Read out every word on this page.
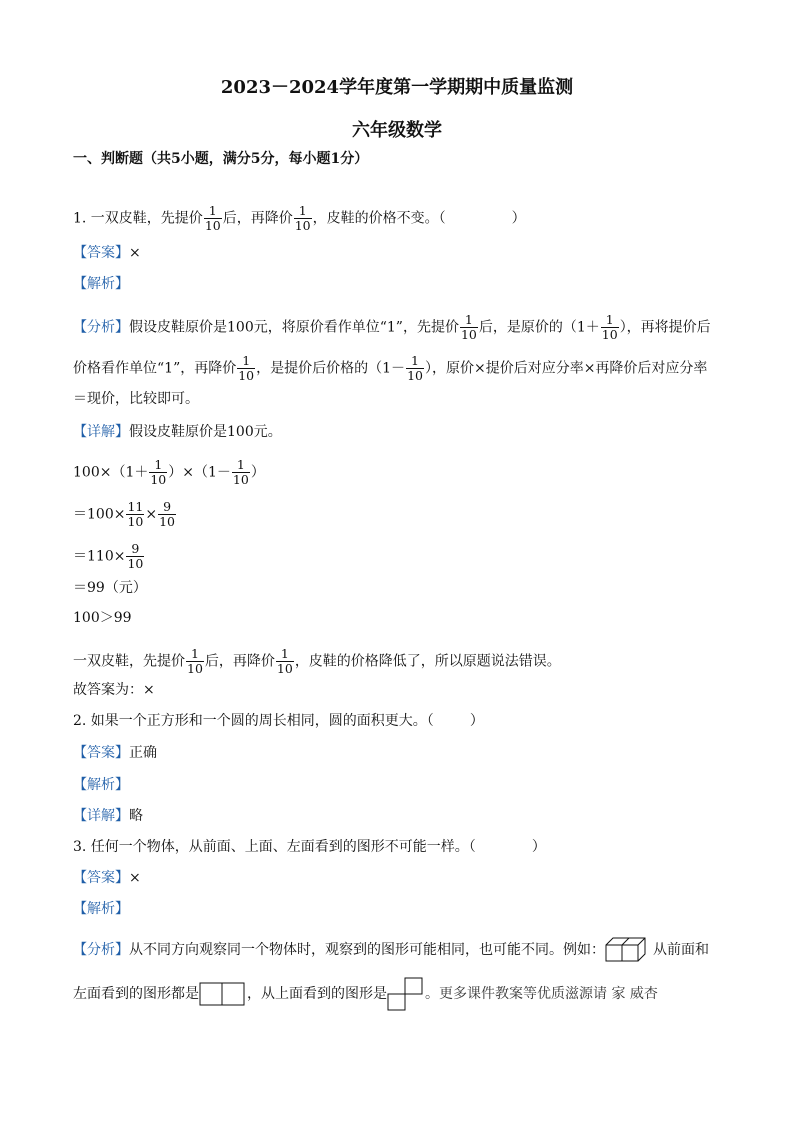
2023－2024学年度第一学期期中质量监测
六年级数学
一、判断题（共5小题，满分5分，每小题1分）
1. 一双皮鞋，先提价 $\frac{1}{10}$ 后，再降价 $\frac{1}{10}$ ，皮鞋的价格不变。（	）
【答案】×
【解析】
【分析】假设皮鞋原价是100元，将原价看作单位“1”，先提价 $\frac{1}{10}$ 后，是原价的（$1+ \frac{1}{10}$ ），再将提价后
价格看作单位“1”，再降价 $\frac{1}{10}$ ，是提价后价格的（$1- \frac{1}{10}$ ），原价×提价后对应分率×再降价后对应分率
＝现价，比较即可。
【详解】假设皮鞋原价是100元。
$100\times(1+ \frac{1}{10} )\times(1- \frac{1}{10}$ ）
$=100\times \frac{11}{10} \times \frac{9}{10}$
$=110\times \frac{9}{10}$
＝99（元）
100＞99
一双皮鞋，先提价 $\frac{1}{10}$ 后，再降价 $\frac{1}{10}$ ，皮鞋的价格降低了，所以原题说法错误。
故答案为：×
2. 如果一个正方形和一个圆的周长相同，圆的面积更大。（	）
【答案】正确
【解析】
【详解】略
3. 任何一个物体，从前面、上面、左面看到的图形不可能一样。（	）
【答案】×
【解析】
【分析】从不同方向观察同一个物体时，观察到的图形可能相同，也可能不同。例如：	从前面和
左面看到的图形都是	，从上面看到的图形是	。更多课件教案等优质滋源请 家 威杏
